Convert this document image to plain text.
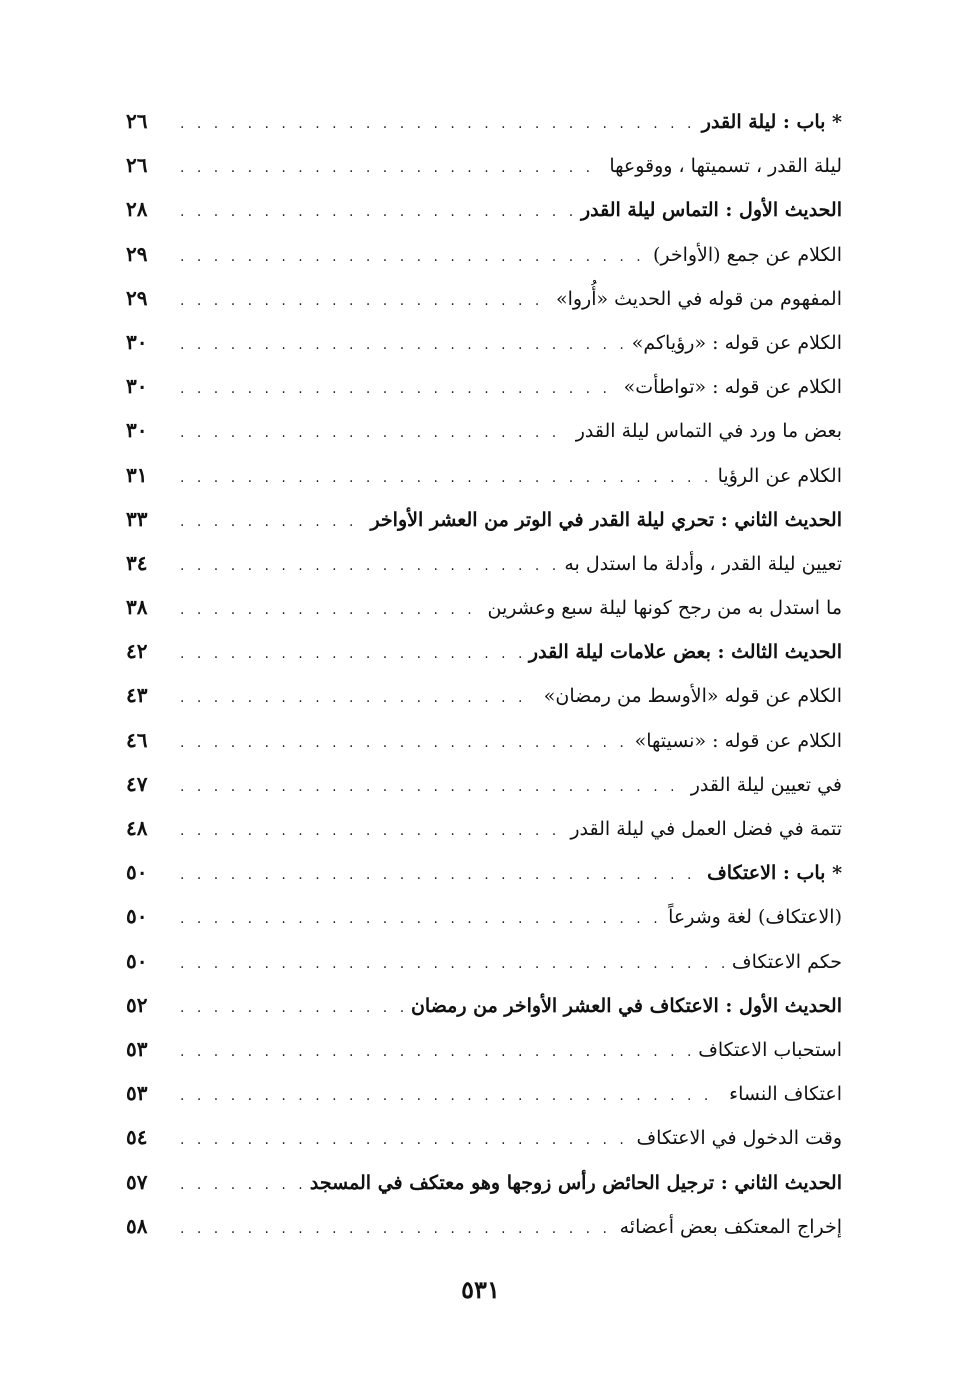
* باب : ليلة القدر
. . .
٢٦
ليلة القدر ، تسميتها ، ووقوعها
. . .
٢٦
الحديث الأول : التماس ليلة القدر
. . .
٢٨
الكلام عن جمع (الأواخر)
. . .
٢٩
المفهوم من قوله في الحديث «أُروا»
. . .
٢٩
الكلام عن قوله : «رؤياكم»
. . .
٣٠
الكلام عن قوله : «تواطأت»
. . .
٣٠
بعض ما ورد في التماس ليلة القدر
. . .
٣٠
الكلام عن الرؤيا
. . .
٣١
الحديث الثاني : تحري ليلة القدر في الوتر من العشر الأواخر
. . .
٣٣
تعيين ليلة القدر ، وأدلة ما استدل به
. . .
٣٤
ما استدل به من رجح كونها ليلة سبع وعشرين
. . .
٣٨
الحديث الثالث : بعض علامات ليلة القدر
. . .
٤٢
الكلام عن قوله «الأوسط من رمضان»
. . .
٤٣
الكلام عن قوله : «نسيتها»
. . .
٤٦
في تعيين ليلة القدر
. . .
٤٧
تتمة في فضل العمل في ليلة القدر
. . .
٤٨
* باب : الاعتكاف
. . .
٥٠
(الاعتكاف) لغة وشرعاً
. . .
٥٠
حكم الاعتكاف
. . .
٥٠
الحديث الأول : الاعتكاف في العشر الأواخر من رمضان
. . .
٥٢
استحباب الاعتكاف
. . .
٥٣
اعتكاف النساء
. . .
٥٣
وقت الدخول في الاعتكاف
. . .
٥٤
الحديث الثاني : ترجيل الحائض رأس زوجها وهو معتكف في المسجد
. . .
٥٧
إخراج المعتكف بعض أعضائه
. . .
٥٨
٥٣١
